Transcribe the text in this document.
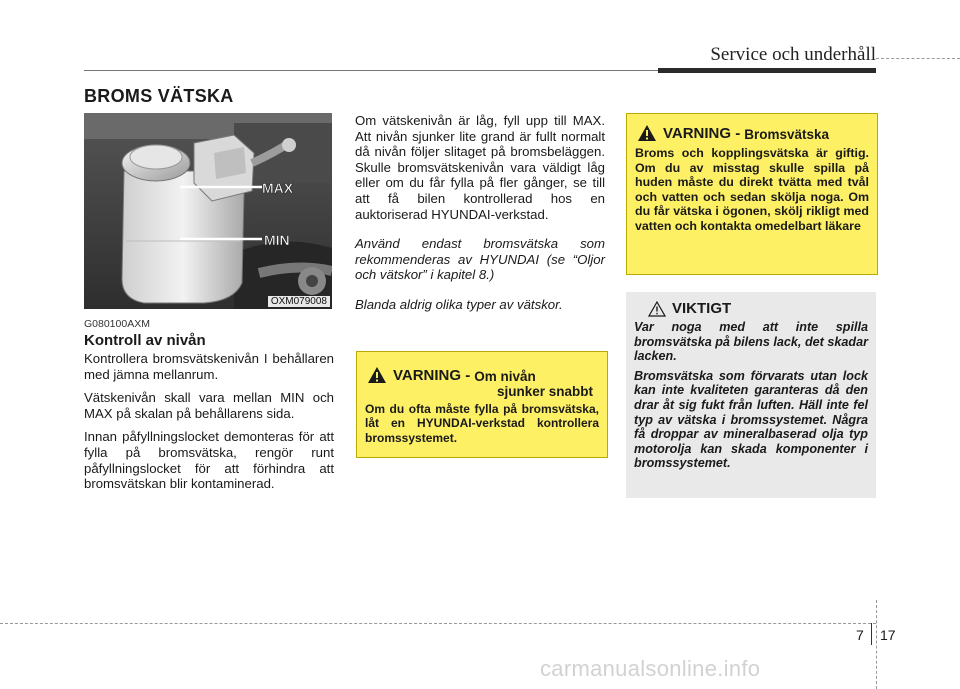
Service och underhåll
BROMS VÄTSKA
MAX
MIN
OXM079008
G080100AXM
Kontroll av nivån

Kontrollera bromsvätskenivån I behållaren med jämna mellanrum.

Vätskenivån skall vara mellan MIN och MAX på skalan på behållarens sida.

Innan påfyllningslocket demonteras för att fylla på bromsvätska, rengör runt påfyllningslocket för att förhindra att bromsvätskan blir kontaminerad.

Om vätskenivån är låg, fyll upp till MAX. Att nivån sjunker lite grand är fullt normalt då nivån följer slitaget på bromsbeläggen. Skulle bromsvätskenivån vara väldigt låg eller om du får fylla på fler gånger, se till att få bilen kontrollerad hos en auktoriserad HYUNDAI-verkstad.

Använd endast bromsvätska som rekommenderas av HYUNDAI (se “Oljor och vätskor” i kapitel 8.)

Blanda aldrig olika typer av vätskor.

VARNING - Om nivån
sjunker snabbt
Om du ofta måste fylla på bromsvätska, låt en HYUNDAI-verkstad kontrollera bromssystemet.
VARNING - Bromsvätska
Broms och kopplingsvätska är giftig. Om du av misstag skulle spilla på huden måste du direkt tvätta med tvål och vatten och sedan skölja noga. Om du får vätska i ögonen, skölj rikligt med vatten och kontakta omedelbart läkare
VIKTIGT

Var noga med att inte spilla bromsvätska på bilens lack, det skadar lacken.

Bromsvätska som förvarats utan lock kan inte kvaliteten garanteras då den drar åt sig fukt från luften. Häll inte fel typ av vätska i bromssystemet. Några få droppar av mineralbaserad olja typ motorolja kan skada komponenter i bromssystemet.

7 17
carmanualsonline.info
